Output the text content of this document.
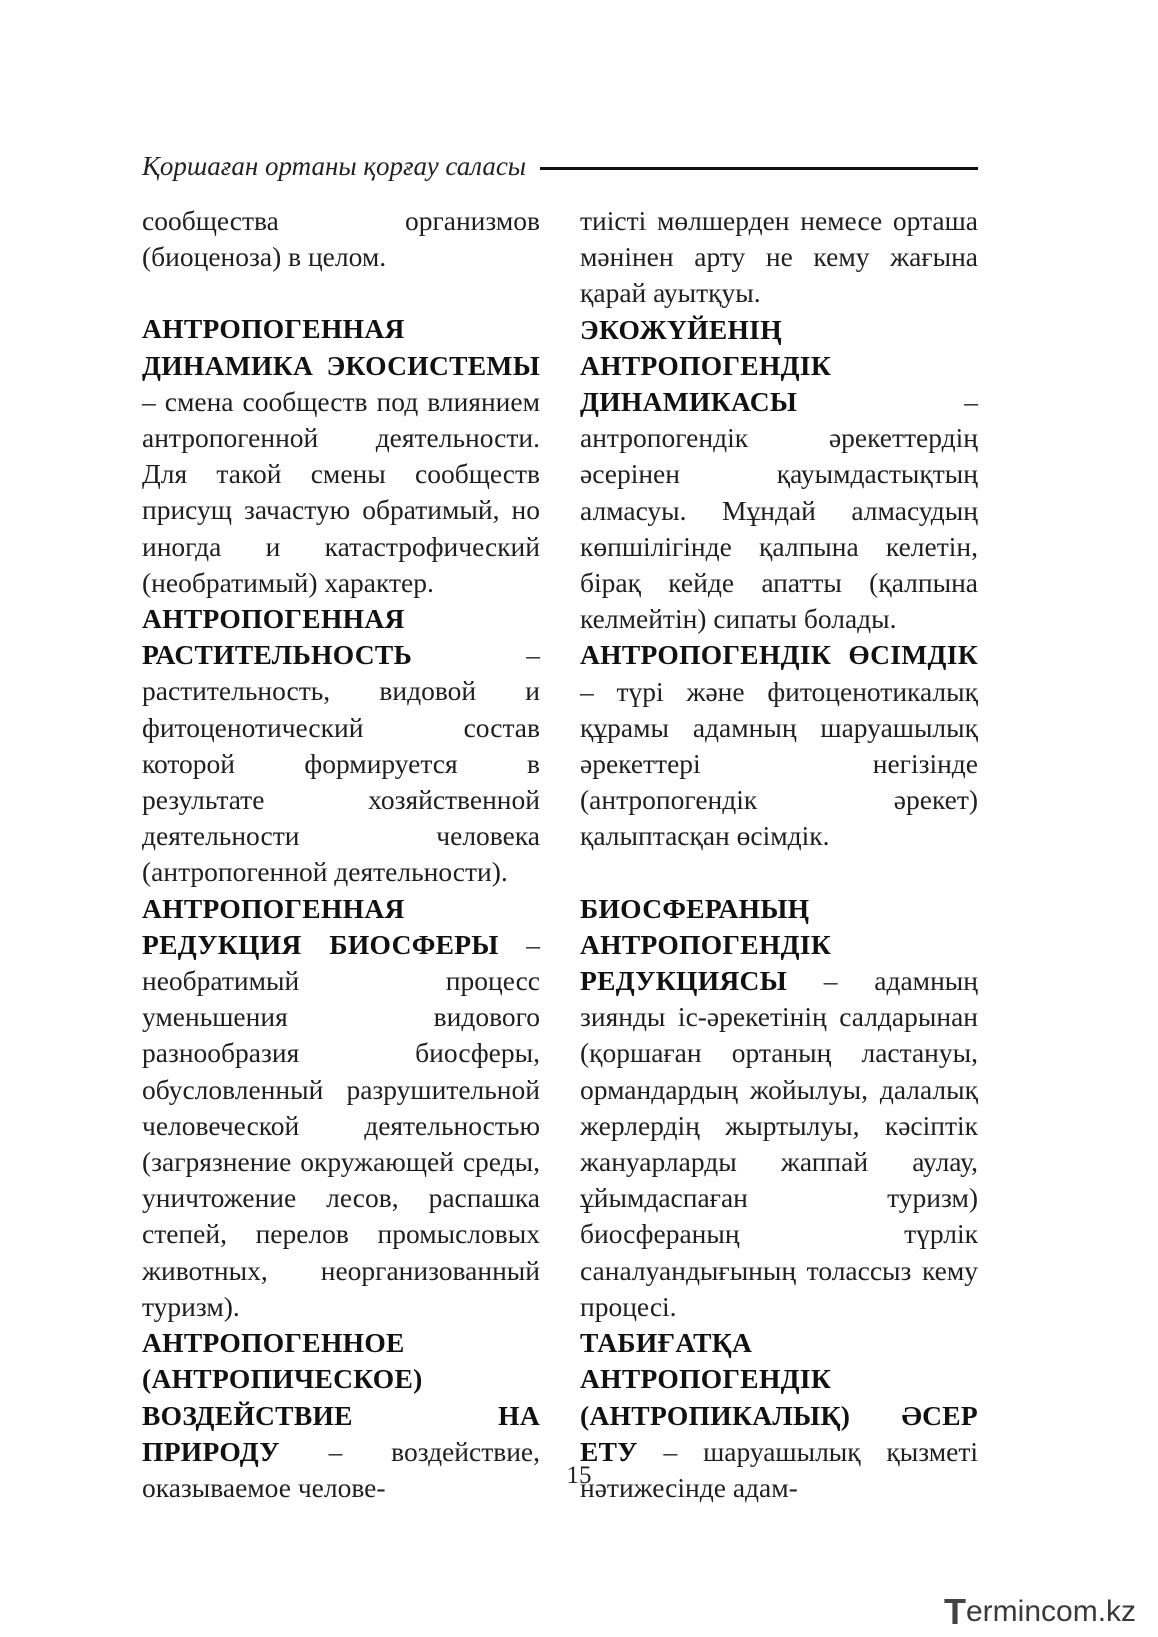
Қоршаған ортаны қорғау саласы

сообщества организмов (биоценоза) в целом.

АНТРОПОГЕННАЯ ДИНАМИКА ЭКОСИСТЕМЫ – смена сообществ под влиянием антропогенной деятельности. Для такой смены сообществ присущ зачастую обратимый, но иногда и катастрофический (необратимый) характер.

АНТРОПОГЕННАЯ РАСТИТЕЛЬНОСТЬ – растительность, видовой и фитоценотический состав которой формируется в результате хозяйственной деятельности человека (антропогенной деятельности).

АНТРОПОГЕННАЯ РЕДУКЦИЯ БИОСФЕРЫ – необратимый процесс уменьшения видового разнообразия биосферы, обусловленный разрушительной человеческой деятельностью (загрязнение окружающей среды, уничтожение лесов, распашка степей, перелов промысловых животных, неорганизованный туризм).

АНТРОПОГЕННОЕ (АНТРОПИЧЕСКОЕ) ВОЗДЕЙСТВИЕ НА ПРИРОДУ – воздействие, оказываемое челове-

тиісті мөлшерден немесе орташа мәнінен арту не кему жағына қарай ауытқуы.

ЭКОЖҮЙЕНІҢ АНТРОПОГЕНДІК ДИНАМИКАСЫ – антропогендік әрекеттердің әсерінен қауымдастықтың алмасуы. Мұндай алмасудың көпшілігінде қалпына келетін, бірақ кейде апатты (қалпына келмейтін) сипаты болады.

АНТРОПОГЕНДІК ӨСІМДІК – түрі және фитоценотикалық құрамы адамның шаруашылық әрекеттері негізінде (антропогендік әрекет) қалыптасқан өсімдік.

БИОСФЕРАНЫҢ АНТРОПОГЕНДІК РЕДУКЦИЯСЫ – адамның зиянды іс-әрекетінің салдарынан (қоршаған ортаның ластануы, ормандардың жойылуы, далалық жерлердің жыртылуы, кәсіптік жануарларды жаппай аулау, ұйымдаспаған туризм) биосфераның түрлік саналуандығының толассыз кему процесі.

ТАБИҒАТҚА АНТРОПОГЕНДІК (АНТРОПИКАЛЫҚ) ӘСЕР ЕТУ – шаруашылық қызметі нәтижесінде адам-

15
T ermincom.kz
